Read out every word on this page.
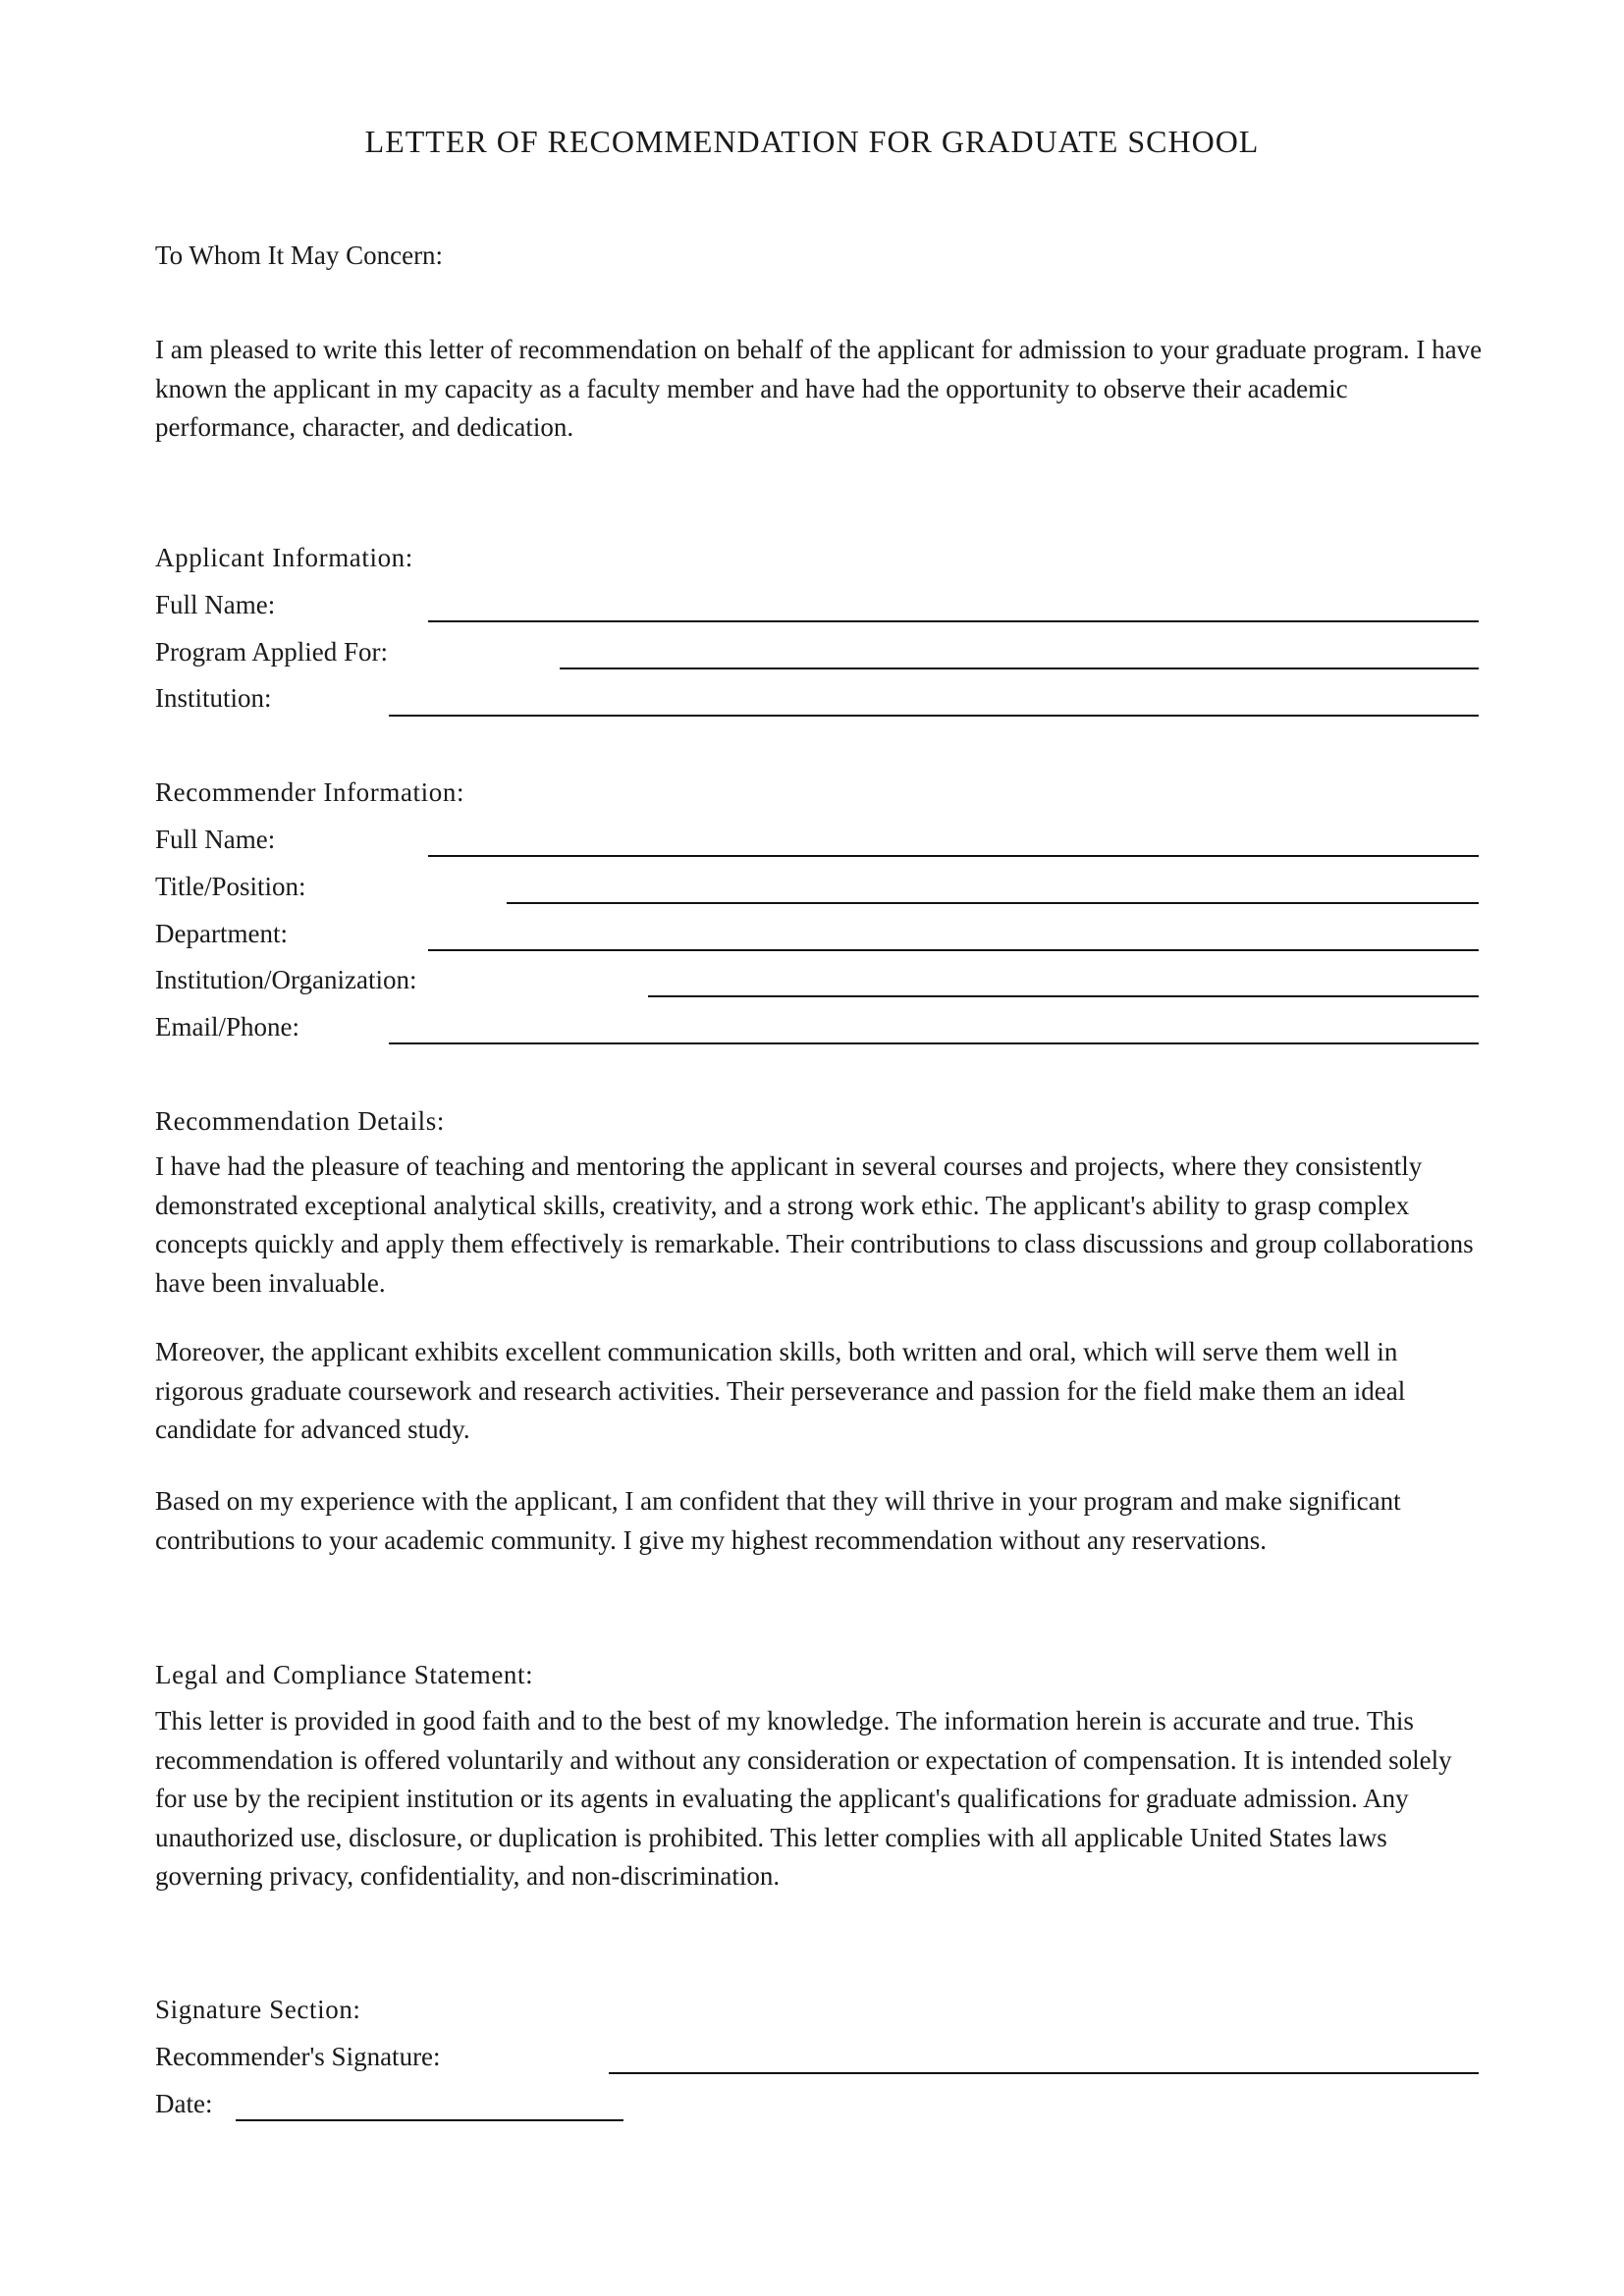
LETTER OF RECOMMENDATION FOR GRADUATE SCHOOL
To Whom It May Concern:

I am pleased to write this letter of recommendation on behalf of the applicant for admission to your graduate program. I have known the applicant in my capacity as a faculty member and have had the opportunity to observe their academic performance, character, and dedication.

Applicant Information:
Full Name:
Program Applied For:
Institution:
Recommender Information:
Full Name:
Title/Position:
Department:
Institution/Organization:
Email/Phone:
Recommendation Details:

I have had the pleasure of teaching and mentoring the applicant in several courses and projects, where they consistently demonstrated exceptional analytical skills, creativity, and a strong work ethic. The applicant's ability to grasp complex concepts quickly and apply them effectively is remarkable. Their contributions to class discussions and group collaborations have been invaluable.

Moreover, the applicant exhibits excellent communication skills, both written and oral, which will serve them well in rigorous graduate coursework and research activities. Their perseverance and passion for the field make them an ideal candidate for advanced study.

Based on my experience with the applicant, I am confident that they will thrive in your program and make significant contributions to your academic community. I give my highest recommendation without any reservations.

Legal and Compliance Statement:

This letter is provided in good faith and to the best of my knowledge. The information herein is accurate and true. This recommendation is offered voluntarily and without any consideration or expectation of compensation. It is intended solely for use by the recipient institution or its agents in evaluating the applicant's qualifications for graduate admission. Any unauthorized use, disclosure, or duplication is prohibited. This letter complies with all applicable United States laws governing privacy, confidentiality, and non-discrimination.

Signature Section:
Recommender's Signature:
Date:
